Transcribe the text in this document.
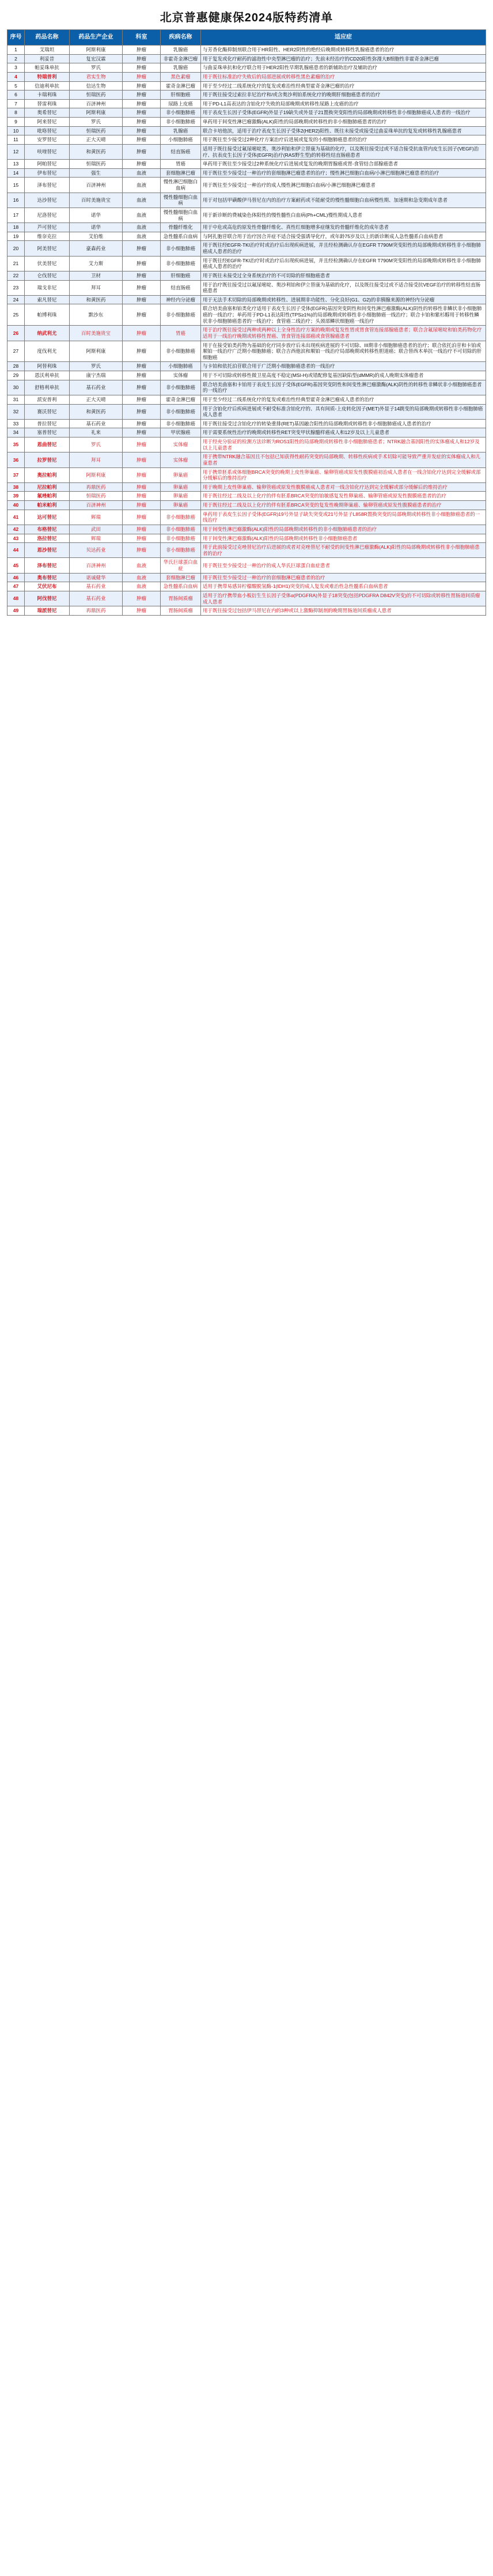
北京普惠健康保2024版特药清单
序号	药品名称	药品生产企业	科室	疾病名称	适应症
1	艾瑞坦	阿斯利康	肿瘤	乳腺癌	与芳香化酶抑制剂联合用于HR阳性、HER2阴性的绝经后晚期或转移性乳腺癌患者的治疗
2	利妥昔	复宏汉霖	肿瘤	非霍奇金淋巴瘤	用于复发或化疗耐药的滤泡性中央型淋巴瘤的治疗；先前未经治疗的CD20阳性弥漫大B细胞性非霍奇金淋巴瘤
3	帕妥珠单抗	罗氏	肿瘤	乳腺癌	与曲妥珠单抗和化疗联合用于HER2阳性早期乳腺癌患者的新辅助治疗及辅助治疗
4	特瑞普利	君实生物	肿瘤	黑色素瘤	用于既往标准治疗失败后的局部进展或转移性黑色素瘤的治疗
5	信迪利单抗	信达生物	肿瘤	霍奇金淋巴瘤	用于至少经过二线系统化疗的复发或难治性经典型霍奇金淋巴瘤的治疗
6	卡瑞利珠	恒瑞医药	肿瘤	肝细胞癌	用于既往接受过索拉非尼治疗和/或含奥沙利铂系统化疗的晚期肝细胞癌患者的治疗
7	替雷利珠	百济神州	肿瘤	尿路上皮癌	用于PD-L1高表达的含铂化疗失败的局部晚期或转移性尿路上皮癌的治疗
8	奥希替尼	阿斯利康	肿瘤	非小细胞肺癌	用于表皮生长因子受体(EGFR)外显子19缺失或外显子21置换突变阳性的局部晚期或转移性非小细胞肺癌成人患者的一线治疗
9	阿来替尼	罗氏	肿瘤	非小细胞肺癌	单药用于间变性淋巴瘤激酶(ALK)阳性的局部晚期或转移性的非小细胞肺癌患者的治疗
10	吡咯替尼	恒瑞医药	肿瘤	乳腺癌	联合卡培他滨，适用于治疗表皮生长因子受体2(HER2)阳性、既往未接受或接受过曲妥珠单抗的复发或转移性乳腺癌患者
11	安罗替尼	正大天晴	肿瘤	小细胞肺癌	用于既往至少接受过2种化疗方案治疗后进展或复发的小细胞肺癌患者的治疗
12	呋喹替尼	和黄医药	肿瘤	结直肠癌	适用于既往接受过氟尿嘧啶类、奥沙利铂和伊立替康为基础的化疗，以及既往接受过或不适合接受抗血管内皮生长因子(VEGF)治疗、抗表皮生长因子受体(EGFR)治疗(RAS野生型)的转移性结直肠癌患者
13	阿帕替尼	恒瑞医药	肿瘤	胃癌	单药用于既往至少接受过2种系统化疗后进展或复发的晚期胃腺癌或胃-食管结合部腺癌患者
14	伊布替尼	强生	血液	套细胞淋巴瘤	用于既往至少接受过一种治疗的套细胞淋巴瘤患者的治疗；慢性淋巴细胞白血病/小淋巴细胞淋巴瘤患者的治疗
15	泽布替尼	百济神州	血液	慢性淋巴细胞白血病	用于既往至少接受过一种治疗的成人慢性淋巴细胞白血病/小淋巴细胞淋巴瘤患者
16	达沙替尼	百时美施贵宝	血液	慢性髓细胞白血病	用于对包括甲磺酸伊马替尼在内的治疗方案耐药或不能耐受的慢性髓细胞白血病慢性期、加速期和急变期成年患者
17	尼洛替尼	诺华	血液	慢性髓细胞白血病	用于新诊断的费城染色体阳性的慢性髓性白血病(Ph+CML)慢性期成人患者
18	芦可替尼	诺华	血液	骨髓纤维化	用于中危或高危的原发性骨髓纤维化、真性红细胞增多症继发的骨髓纤维化的成年患者
19	维奈克拉	艾伯维	血液	急性髓系白血病	与阿扎胞苷联合用于治疗因合并症不适合接受强诱导化疗，或年龄75岁及以上的新诊断成人急性髓系白血病患者
20	阿美替尼	豪森药业	肿瘤	非小细胞肺癌	用于既往经EGFR-TKI治疗时或治疗后出现疾病进展，并且经检测确认存在EGFR T790M突变阳性的局部晚期或转移性非小细胞肺癌成人患者的治疗
21	伏美替尼	艾力斯	肿瘤	非小细胞肺癌	用于既往经EGFR-TKI治疗时或治疗后出现疾病进展，并且经检测确认存在EGFR T790M突变阳性的局部晚期或转移性非小细胞肺癌成人患者的治疗
22	仑伐替尼	卫材	肿瘤	肝细胞癌	用于既往未接受过全身系统治疗的不可切除的肝细胞癌患者
23	瑞戈非尼	拜耳	肿瘤	结直肠癌	用于治疗既往接受过以氟尿嘧啶、奥沙利铂和伊立替康为基础的化疗，以及既往接受过或不适合接受抗VEGF治疗的转移性结直肠癌患者
24	索凡替尼	和黄医药	肿瘤	神经内分泌瘤	用于无法手术切除的局部晚期或转移性、进展期非功能性、分化良好(G1、G2)的非胰腺来源的神经内分泌瘤
25	帕博利珠	默沙东	肿瘤	非小细胞肺癌	联合培美曲塞和铂类化疗适用于表皮生长因子受体(EGFR)基因突变阴性和间变性淋巴瘤激酶(ALK)阴性的转移性非鳞状非小细胞肺癌的一线治疗；单药用于PD-L1表达阳性(TPS≥1%)的局部晚期或转移性非小细胞肺癌一线治疗；联合卡铂和紫杉醇用于转移性鳞状非小细胞肺癌患者的一线治疗；食管癌二线治疗；头颈部鳞状细胞癌一线治疗
26	纳武利尤	百时美施贵宝	肿瘤	胃癌	用于治疗既往接受过两种或两种以上全身性治疗方案的晚期或复发性胃或胃食管连接部腺癌患者；联合含氟尿嘧啶和铂类药物化疗适用于一线治疗晚期或转移性胃癌、胃食管连接部癌或食管腺癌患者
27	度伐利尤	阿斯利康	肿瘤	非小细胞肺癌	用于在接受铂类药物为基础的化疗同步放疗后未出现疾病进展的不可切除、III期非小细胞肺癌患者的治疗；联合依托泊苷和卡铂或顺铂一线治疗广泛期小细胞肺癌；联合吉西他滨和顺铂一线治疗局部晚期或转移性胆道癌；联合替西木单抗一线治疗不可切除的肝细胞癌
28	阿替利珠	罗氏	肿瘤	小细胞肺癌	与卡铂和依托泊苷联合用于广泛期小细胞肺癌患者的一线治疗
29	恩沃利单抗	康宁杰瑞	肿瘤	实体瘤	用于不可切除或转移性微卫星高度不稳定(MSI-H)或错配修复基因缺陷型(dMMR)的成人晚期实体瘤患者
30	舒格利单抗	基石药业	肿瘤	非小细胞肺癌	联合培美曲塞和卡铂用于表皮生长因子受体(EGFR)基因突变阴性和间变性淋巴瘤激酶(ALK)阴性的转移性非鳞状非小细胞肺癌患者的一线治疗
31	派安普利	正大天晴	肿瘤	霍奇金淋巴瘤	用于至少经过二线系统化疗的复发或难治性经典型霍奇金淋巴瘤成人患者的治疗
32	赛沃替尼	和黄医药	肿瘤	非小细胞肺癌	用于含铂化疗后疾病进展或不耐受标准含铂化疗的、具有间质-上皮转化因子(MET)外显子14跳变的局部晚期或转移性非小细胞肺癌成人患者
33	普拉替尼	基石药业	肿瘤	非小细胞肺癌	用于既往接受过含铂化疗的转染重排(RET)基因融合阳性的局部晚期或转移性非小细胞肺癌成人患者的治疗
34	塞普替尼	礼来	肿瘤	甲状腺癌	用于需要系统性治疗的晚期或转移性RET突变甲状腺髓样癌成人和12岁及以上儿童患者
35	恩曲替尼	罗氏	肿瘤	实体瘤	用于经充分验证的检测方法诊断为ROS1阳性的局部晚期或转移性非小细胞肺癌患者；NTRK融合基因阳性的实体瘤成人和12岁及以上儿童患者
36	拉罗替尼	拜耳	肿瘤	实体瘤	用于携带NTRK融合基因且不包括已知获得性耐药突变的局部晚期、转移性疾病或手术切除可能导致严重并发症的实体瘤成人和儿童患者
37	奥拉帕利	阿斯利康	肿瘤	卵巢癌	用于携带胚系或体细胞BRCA突变的晚期上皮性卵巢癌、输卵管癌或原发性腹膜癌初治成人患者在一线含铂化疗达到完全缓解或部分缓解后的维持治疗
38	尼拉帕利	再鼎医药	肿瘤	卵巢癌	用于晚期上皮性卵巢癌、输卵管癌或原发性腹膜癌成人患者对一线含铂化疗达到完全缓解或部分缓解后的维持治疗
39	氟唑帕利	恒瑞医药	肿瘤	卵巢癌	用于既往经过二线及以上化疗的伴有胚系BRCA突变的铂敏感复发性卵巢癌、输卵管癌或原发性腹膜癌患者的治疗
40	帕米帕利	百济神州	肿瘤	卵巢癌	用于既往经过二线及以上化疗的伴有胚系BRCA突变的复发性晚期卵巢癌、输卵管癌或原发性腹膜癌患者的治疗
41	达可替尼	辉瑞	肿瘤	非小细胞肺癌	单药用于表皮生长因子受体(EGFR)19号外显子缺失突变或21号外显子L858R置换突变的局部晚期或转移性非小细胞肺癌患者的一线治疗
42	布格替尼	武田	肿瘤	非小细胞肺癌	用于间变性淋巴瘤激酶(ALK)阳性的局部晚期或转移性的非小细胞肺癌患者的治疗
43	洛拉替尼	辉瑞	肿瘤	非小细胞肺癌	用于间变性淋巴瘤激酶(ALK)阳性的局部晚期或转移性非小细胞肺癌患者
44	恩沙替尼	贝达药业	肿瘤	非小细胞肺癌	用于此前接受过克唑替尼治疗后进展的或者对克唑替尼不耐受的间变性淋巴瘤激酶(ALK)阳性的局部晚期或转移性非小细胞肺癌患者的治疗
45	泽布替尼	百济神州	血液	华氏巨球蛋白血症	用于既往至少接受过一种治疗的成人华氏巨球蛋白血症患者
46	奥布替尼	诺诚健华	血液	套细胞淋巴瘤	用于既往至少接受过一种治疗的套细胞淋巴瘤患者的治疗
47	艾伏尼布	基石药业	血液	急性髓系白血病	适用于携带易感异柠檬酸脱氢酶-1(IDH1)突变的成人复发或难治性急性髓系白血病患者
48	阿伐替尼	基石药业	肿瘤	胃肠间质瘤	适用于治疗携带血小板衍生生长因子受体α(PDGFRA)外显子18突变(包括PDGFRA D842V突变)的不可切除或转移性胃肠道间质瘤成人患者
49	瑞派替尼	再鼎医药	肿瘤	胃肠间质瘤	用于既往接受过包括伊马替尼在内的3种或以上激酶抑制剂的晚期胃肠道间质瘤成人患者
